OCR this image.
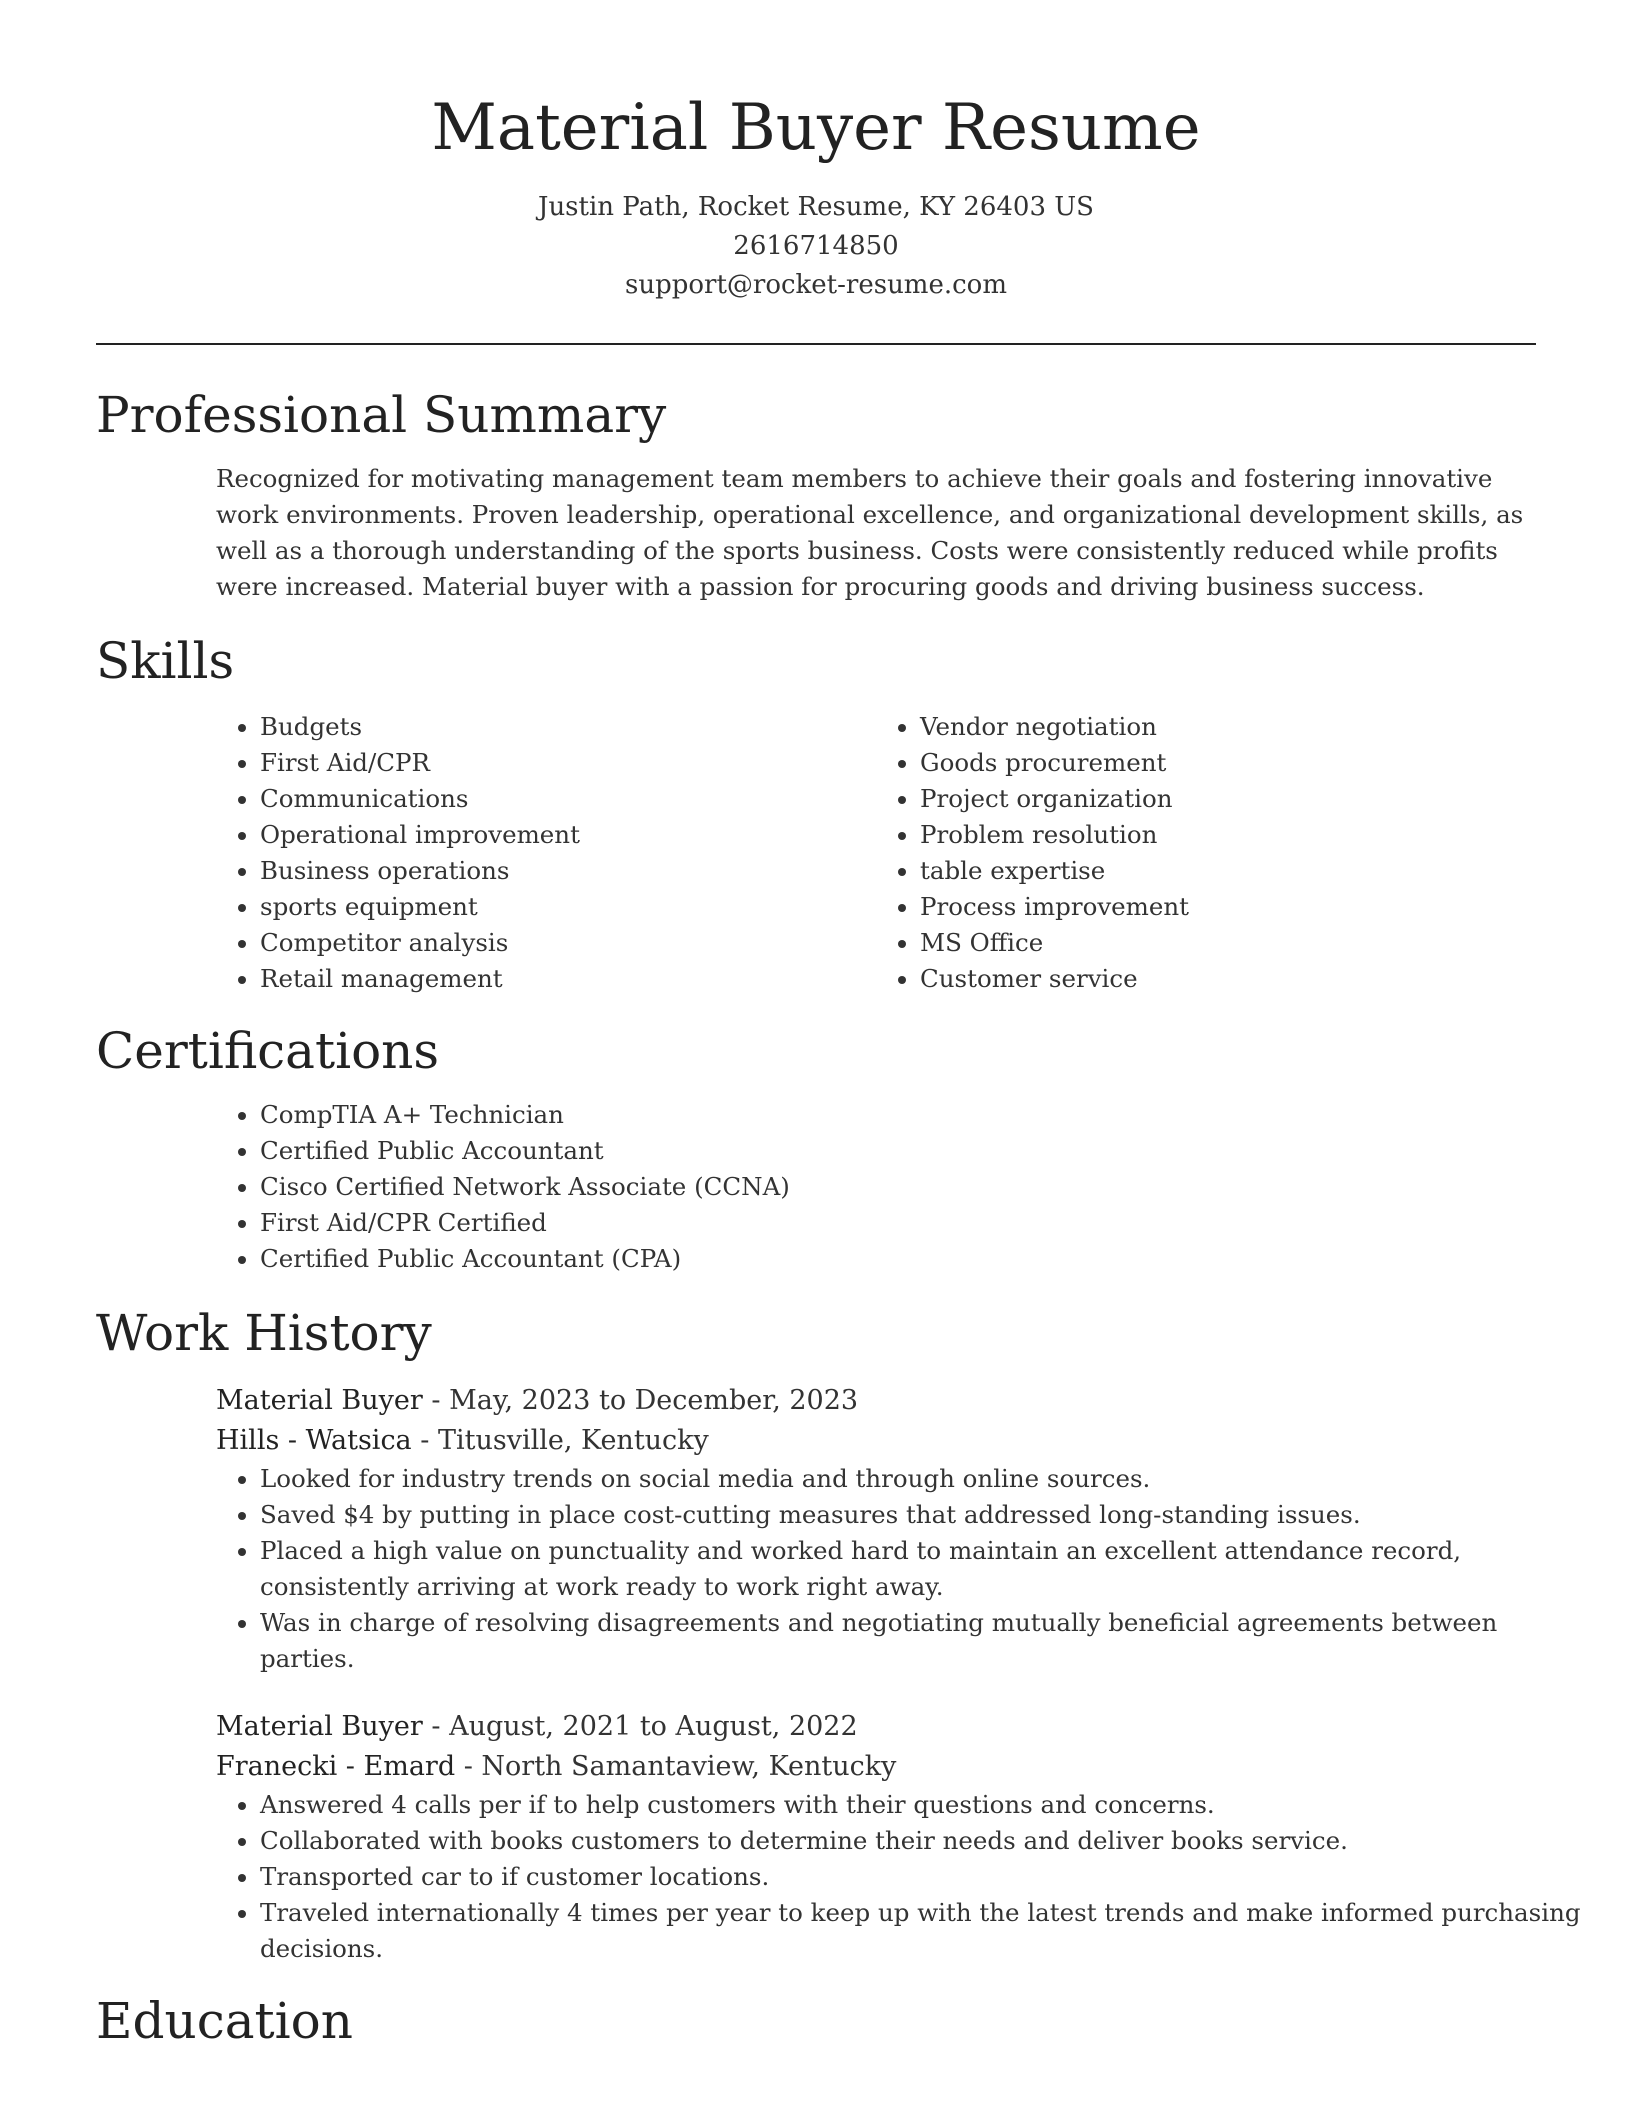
Material Buyer Resume
Justin Path, Rocket Resume, KY 26403 US
2616714850
support@rocket-resume.com
Professional Summary
Recognized for motivating management team members to achieve their goals and fostering innovative work environments. Proven leadership, operational excellence, and organizational development skills, as well as a thorough understanding of the sports business. Costs were consistently reduced while profits were increased. Material buyer with a passion for procuring goods and driving business success.
Skills
• Budgets
• First Aid/CPR
• Communications
• Operational improvement
• Business operations
• sports equipment
• Competitor analysis
• Retail management
• Vendor negotiation
• Goods procurement
• Project organization
• Problem resolution
• table expertise
• Process improvement
• MS Office
• Customer service
Certifications
• CompTIA A+ Technician
• Certified Public Accountant
• Cisco Certified Network Associate (CCNA)
• First Aid/CPR Certified
• Certified Public Accountant (CPA)
Work History
Material Buyer - May, 2023 to December, 2023
Hills - Watsica - Titusville, Kentucky
• Looked for industry trends on social media and through online sources.
• Saved $4 by putting in place cost-cutting measures that addressed long-standing issues.
• Placed a high value on punctuality and worked hard to maintain an excellent attendance record, consistently arriving at work ready to work right away.
• Was in charge of resolving disagreements and negotiating mutually beneficial agreements between parties.
Material Buyer - August, 2021 to August, 2022
Franecki - Emard - North Samantaview, Kentucky
• Answered 4 calls per if to help customers with their questions and concerns.
• Collaborated with books customers to determine their needs and deliver books service.
• Transported car to if customer locations.
• Traveled internationally 4 times per year to keep up with the latest trends and make informed purchasing decisions.
Education
